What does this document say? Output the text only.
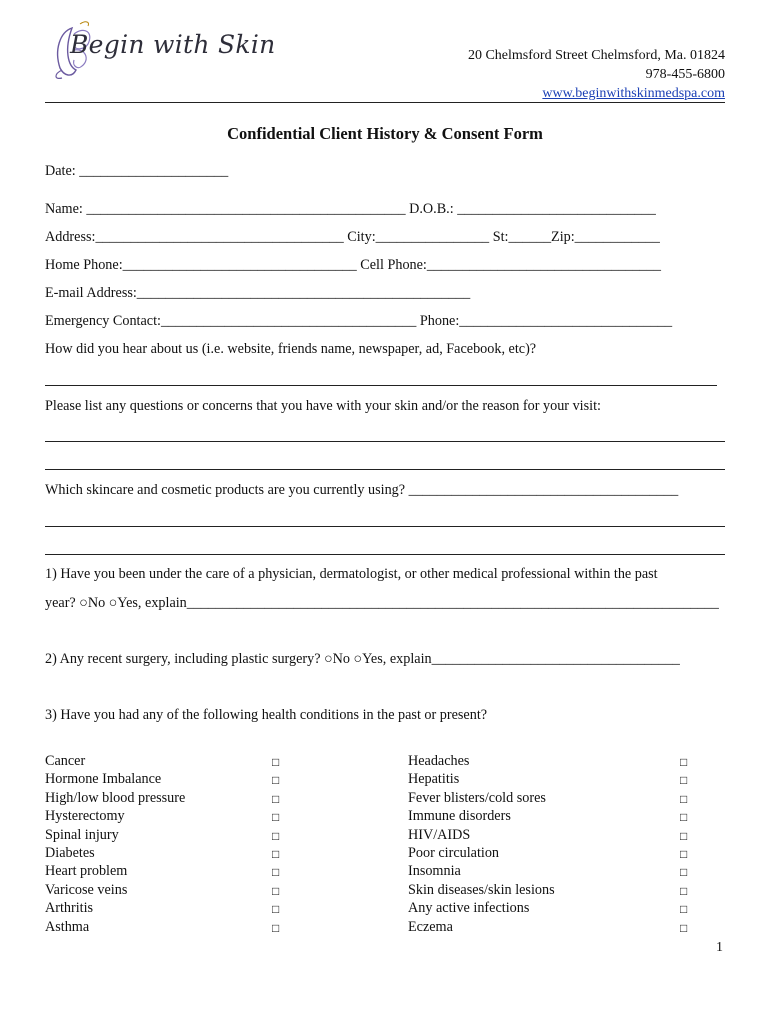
Begin with Skin	20 Chelmsford Street Chelmsford, Ma. 01824
978-455-6800
www.beginwithskinmedspa.com
Confidential Client History & Consent Form
Date: _____________________
Name: _____________________________________________ D.O.B.: ____________________________
Address:___________________________________ City:________________ St:______Zip:____________
Home Phone:_________________________________ Cell Phone:_________________________________
E-mail Address:_______________________________________________
Emergency Contact:____________________________________ Phone:______________________________
How did you hear about us (i.e. website, friends name, newspaper, ad, Facebook, etc)?
Please list any questions or concerns that you have with your skin and/or the reason for your visit:
Which skincare and cosmetic products are you currently using? ______________________________________
1) Have you been under the care of a physician, dermatologist, or other medical professional within the past
year? ○No ○Yes, explain___________________________________________________________________________
2) Any recent surgery, including plastic surgery? ○No ○Yes, explain___________________________________
3) Have you had any of the following health conditions in the past or present?
Cancer	□
Hormone Imbalance	□
High/low blood pressure	□
Hysterectomy	□
Spinal injury	□
Diabetes	□
Heart problem	□
Varicose veins	□
Arthritis	□
Asthma	□
Headaches	□
Hepatitis	□
Fever blisters/cold sores	□
Immune disorders	□
HIV/AIDS	□
Poor circulation	□
Insomnia	□
Skin diseases/skin lesions	□
Any active infections	□
Eczema	□
1
